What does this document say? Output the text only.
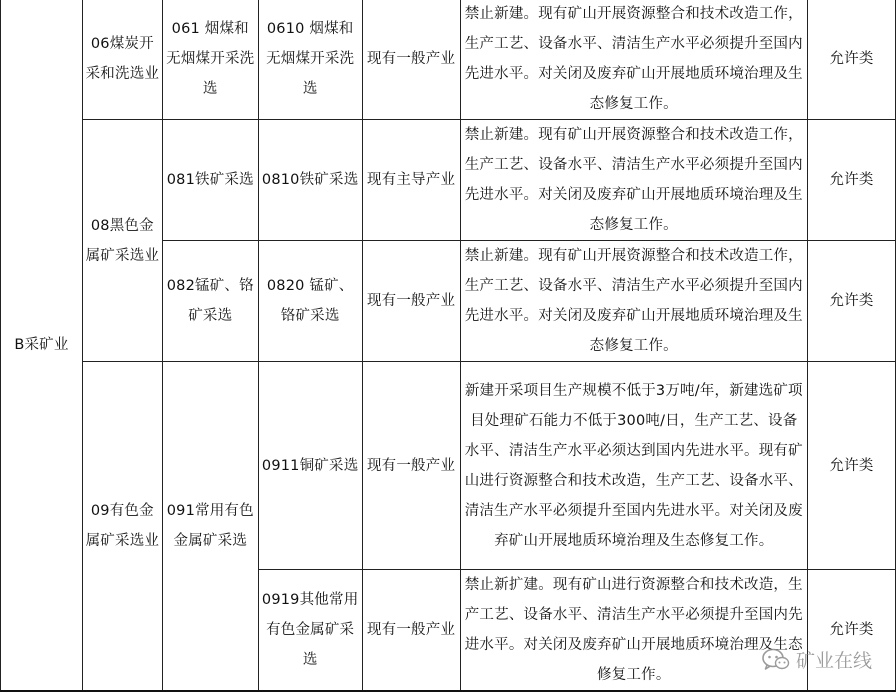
B采矿业	06煤炭开采和洗选业	061 烟煤和无烟煤开采洗选	0610 烟煤和无烟煤开采洗选	现有一般产业	禁止新建。现有矿山开展资源整合和技术改造工作，生产工艺、设备水平、清洁生产水平必须提升至国内先进水平。对关闭及废弃矿山开展地质环境治理及生态修复工作。	允许类
	08黑色金属矿采选业	081铁矿采选	0810铁矿采选	现有主导产业	禁止新建。现有矿山开展资源整合和技术改造工作，生产工艺、设备水平、清洁生产水平必须提升至国内先进水平。对关闭及废弃矿山开展地质环境治理及生态修复工作。	允许类
		082锰矿、铬矿采选	0820 锰矿、铬矿采选	现有一般产业	禁止新建。现有矿山开展资源整合和技术改造工作，生产工艺、设备水平、清洁生产水平必须提升至国内先进水平。对关闭及废弃矿山开展地质环境治理及生态修复工作。	允许类
	09有色金属矿采选业	091常用有色金属矿采选	0911铜矿采选	现有一般产业	新建开采项目生产规模不低于3万吨/年，新建选矿项目处理矿石能力不低于300吨/日，生产工艺、设备水平、清洁生产水平必须达到国内先进水平。现有矿山进行资源整合和技术改造，生产工艺、设备水平、清洁生产水平必须提升至国内先进水平。对关闭及废弃矿山开展地质环境治理及生态修复工作。	允许类
			0919其他常用有色金属矿采选	现有一般产业	禁止新扩建。现有矿山进行资源整合和技术改造，生产工艺、设备水平、清洁生产水平必须提升至国内先进水平。对关闭及废弃矿山开展地质环境治理及生态修复工作。	允许类
矿业在线
